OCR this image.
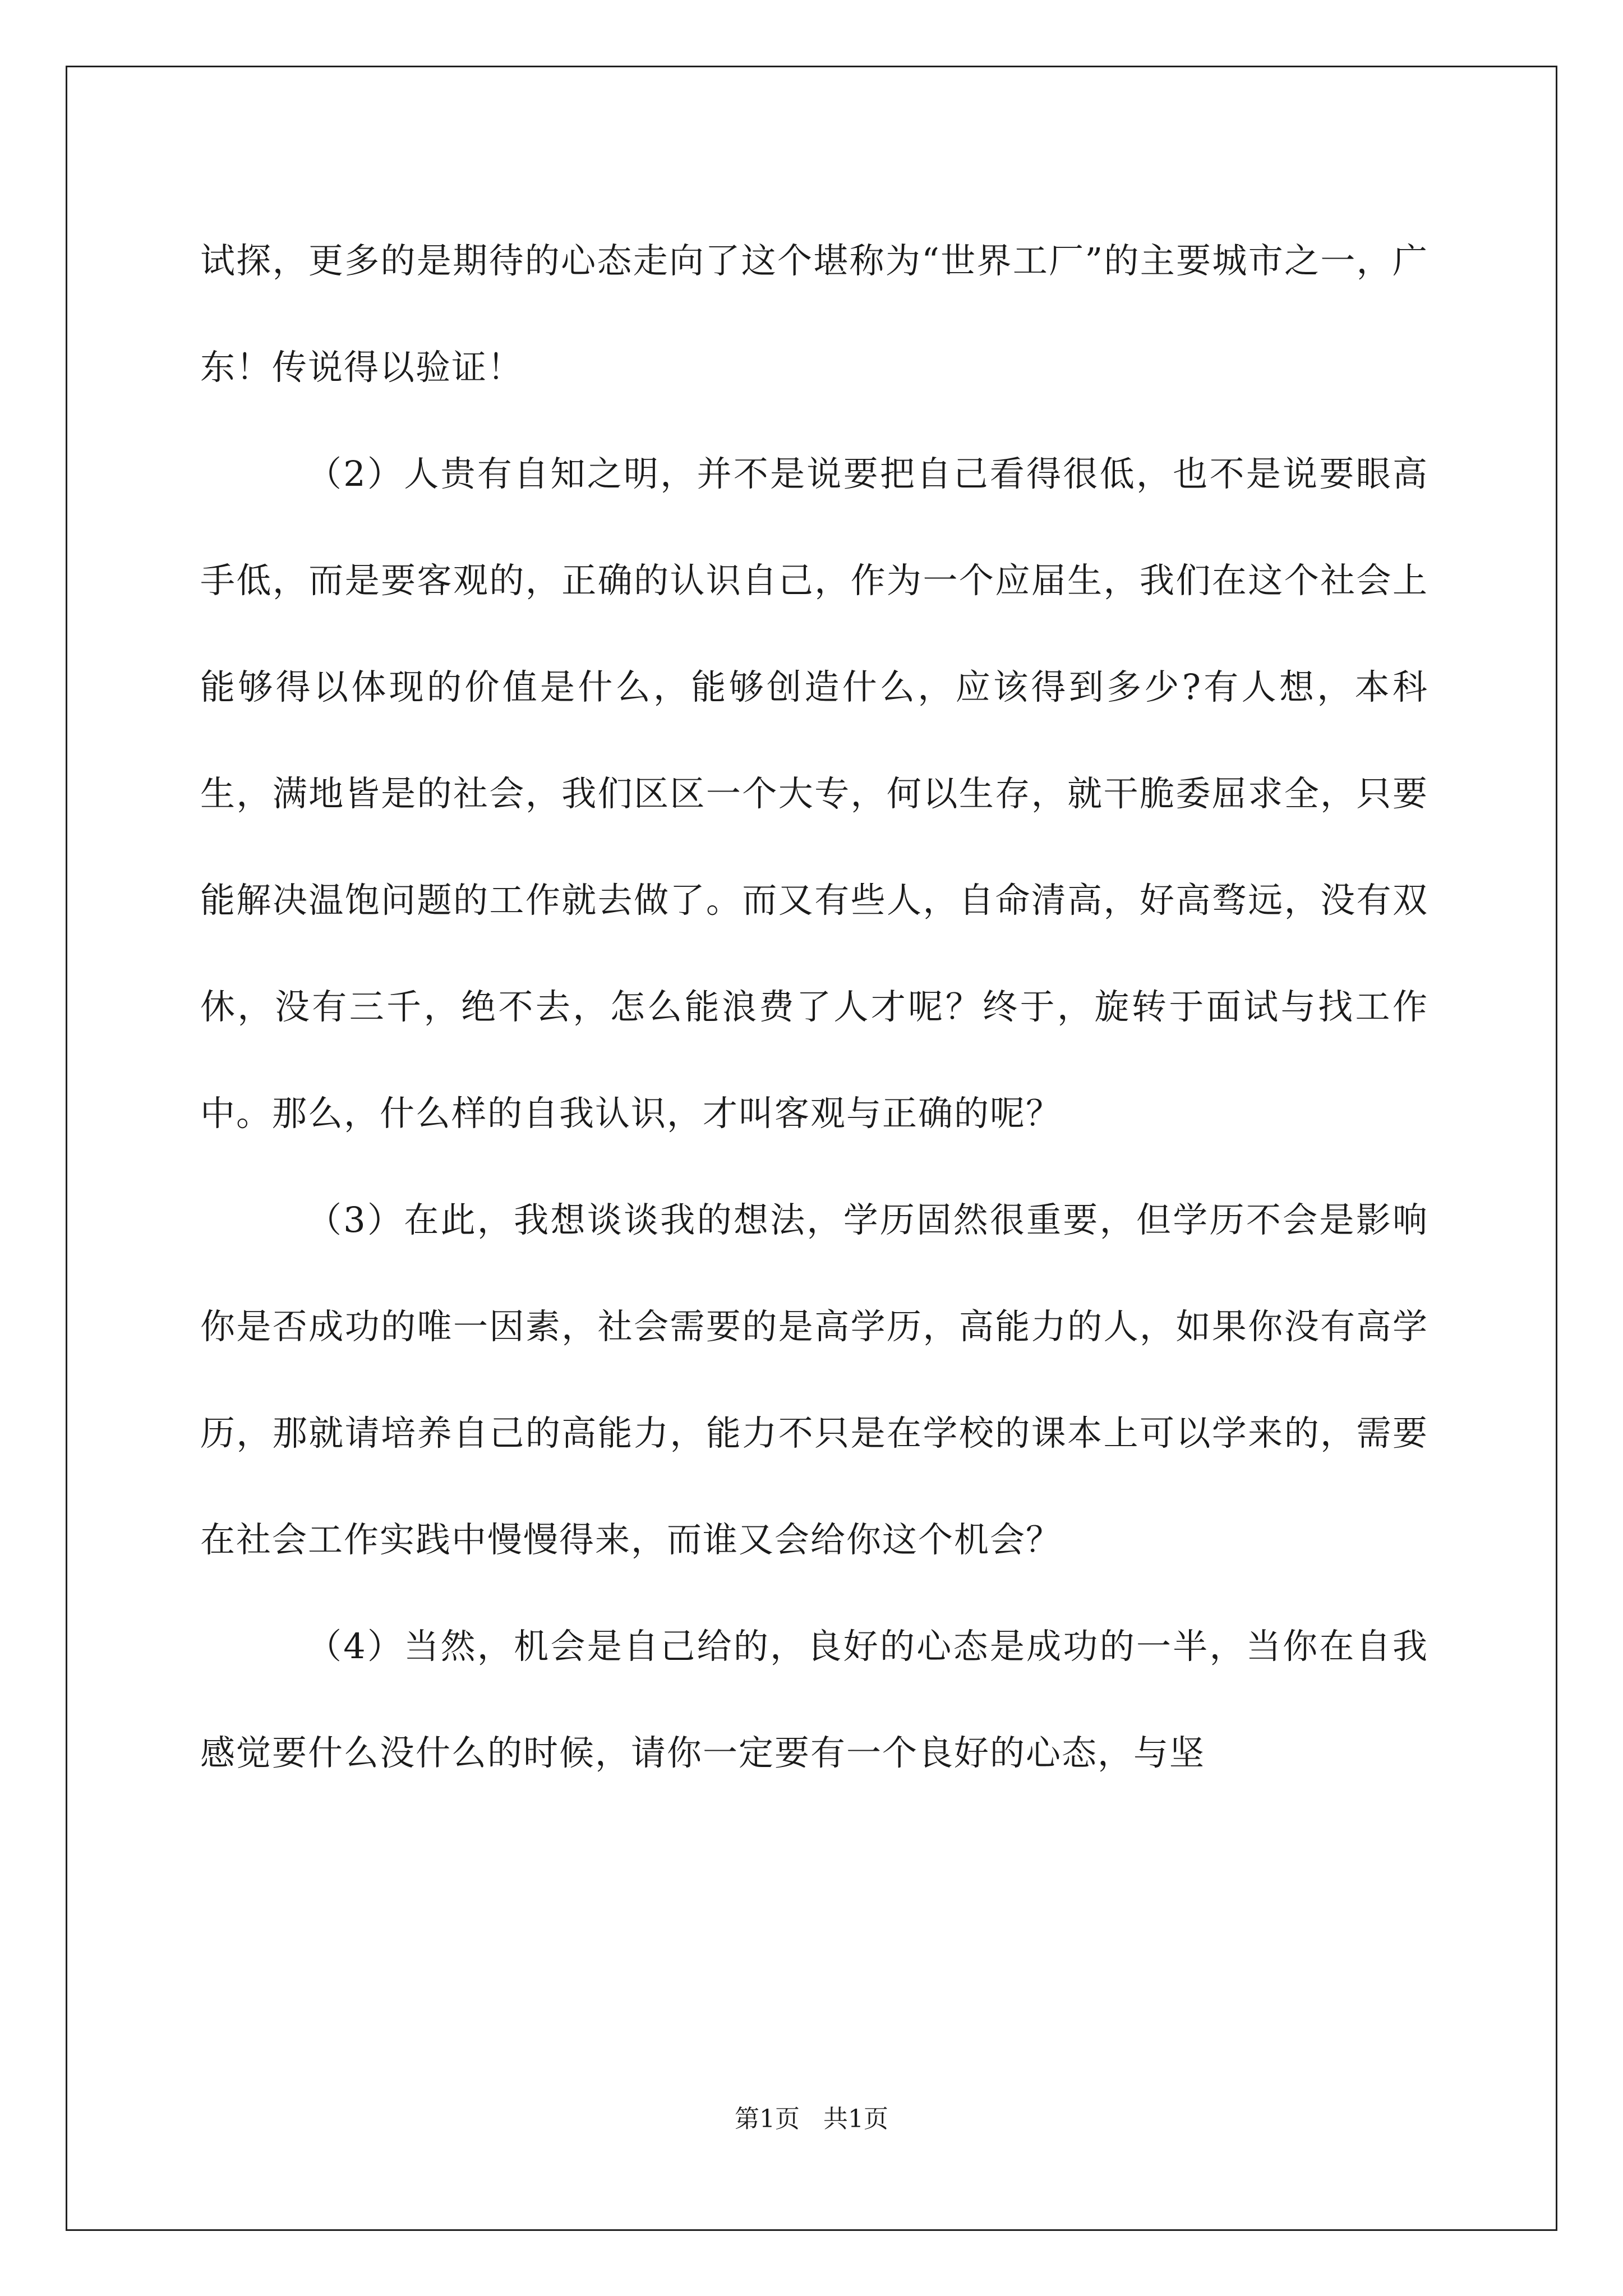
试探，更多的是期待的心态走向了这个堪称为“世界工厂”的主要城市之一，广东！传说得以验证！

（2）人贵有自知之明，并不是说要把自己看得很低，也不是说要眼高手低，而是要客观的，正确的认识自己，作为一个应届生，我们在这个社会上能够得以体现的价值是什么，能够创造什么，应该得到多少?有人想，本科生，满地皆是的社会，我们区区一个大专，何以生存，就干脆委屈求全，只要能解决温饱问题的工作就去做了。而又有些人，自命清高，好高骛远，没有双休，没有三千，绝不去，怎么能浪费了人才呢？终于，旋转于面试与找工作中。那么，什么样的自我认识，才叫客观与正确的呢？

（3）在此，我想谈谈我的想法，学历固然很重要，但学历不会是影响你是否成功的唯一因素，社会需要的是高学历，高能力的人，如果你没有高学历，那就请培养自己的高能力，能力不只是在学校的课本上可以学来的，需要在社会工作实践中慢慢得来，而谁又会给你这个机会？

（4）当然，机会是自己给的，良好的心态是成功的一半，当你在自我感觉要什么没什么的时候，请你一定要有一个良好的心态，与坚

第1页   共1页
